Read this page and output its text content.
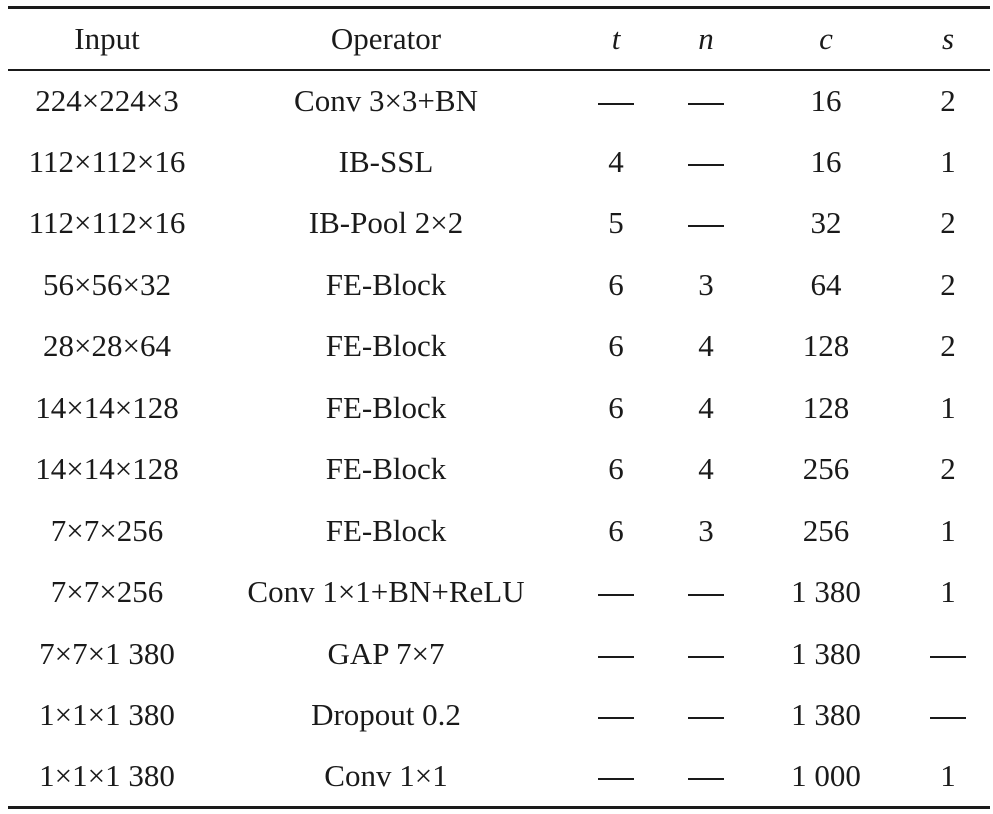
Input	Operator	t	n	c	s
224×224×3	Conv 3×3+BN			16	2
112×112×16	IB-SSL	4		16	1
112×112×16	IB-Pool 2×2	5		32	2
56×56×32	FE-Block	6	3	64	2
28×28×64	FE-Block	6	4	128	2
14×14×128	FE-Block	6	4	128	1
14×14×128	FE-Block	6	4	256	2
7×7×256	FE-Block	6	3	256	1
7×7×256	Conv 1×1+BN+ReLU			1 380	1
7×7×1 380	GAP 7×7			1 380	
1×1×1 380	Dropout 0.2			1 380	
1×1×1 380	Conv 1×1			1 000	1
